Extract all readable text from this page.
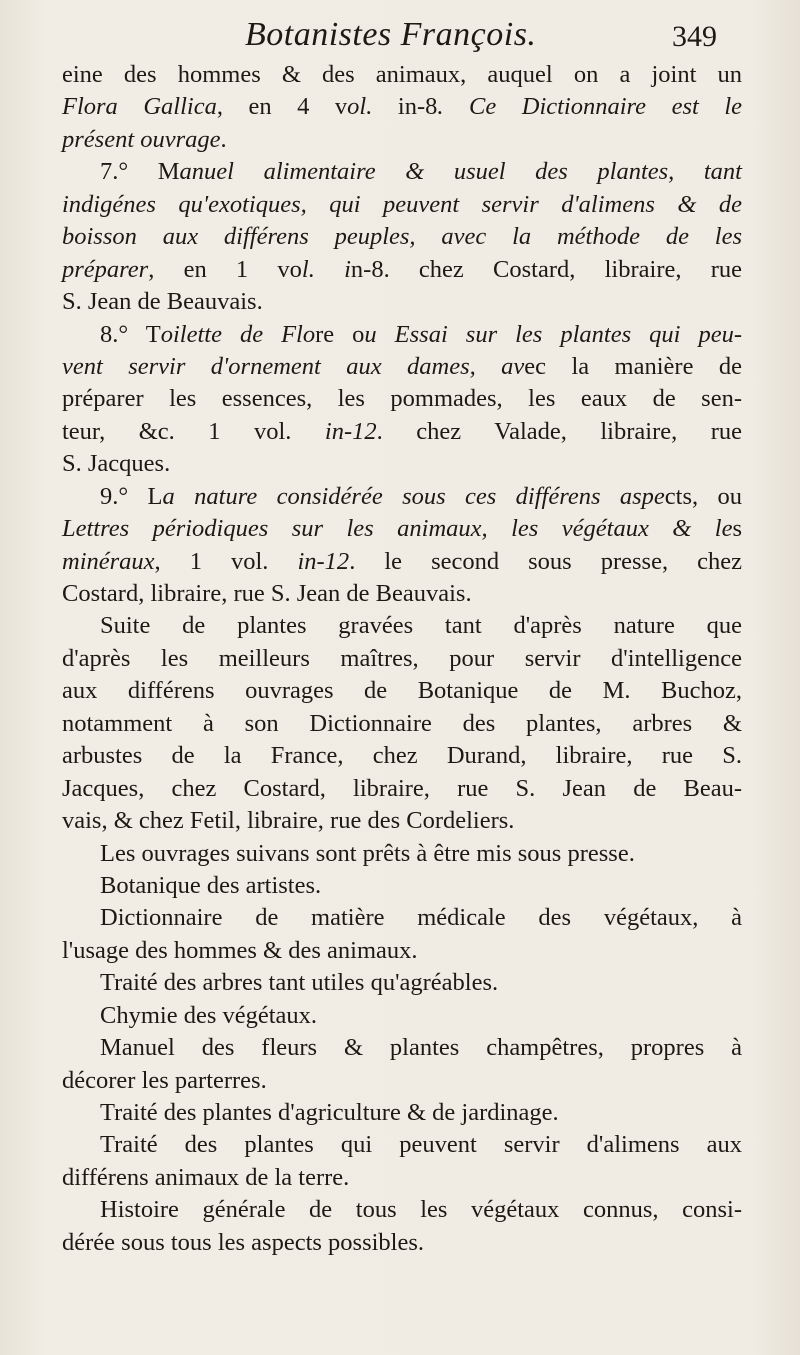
Botanistes François.	349
eine des hommes & des animaux, auquel on a joint un
Flora Gallica, en 4 vol. in-8. Ce Dictionnaire est le
présent ouvrage.
7.° Manuel alimentaire & usuel des plantes, tant
indigénes qu'exotiques, qui peuvent servir d'alimens & de
boisson aux différens peuples, avec la méthode de les
préparer, en 1 vol. in-8. chez Costard, libraire, rue
S. Jean de Beauvais.
8.° Toilette de Flore ou Essai sur les plantes qui peu-
vent servir d'ornement aux dames, avec la manière de
préparer les essences, les pommades, les eaux de sen-
teur, &c. 1 vol. in-12. chez Valade, libraire, rue
S. Jacques.
9.° La nature considérée sous ces différens aspects, ou
Lettres périodiques sur les animaux, les végétaux & les
minéraux, 1 vol. in-12. le second sous presse, chez
Costard, libraire, rue S. Jean de Beauvais.
Suite de plantes gravées tant d'après nature que
d'après les meilleurs maîtres, pour servir d'intelligence
aux différens ouvrages de Botanique de M. Buchoz,
notamment à son Dictionnaire des plantes, arbres &
arbustes de la France, chez Durand, libraire, rue S.
Jacques, chez Costard, libraire, rue S. Jean de Beau-
vais, & chez Fetil, libraire, rue des Cordeliers.
Les ouvrages suivans sont prêts à être mis sous presse.
Botanique des artistes.
Dictionnaire de matière médicale des végétaux, à
l'usage des hommes & des animaux.
Traité des arbres tant utiles qu'agréables.
Chymie des végétaux.
Manuel des fleurs & plantes champêtres, propres à
décorer les parterres.
Traité des plantes d'agriculture & de jardinage.
Traité des plantes qui peuvent servir d'alimens aux
différens animaux de la terre.
Histoire générale de tous les végétaux connus, consi-
dérée sous tous les aspects possibles.
